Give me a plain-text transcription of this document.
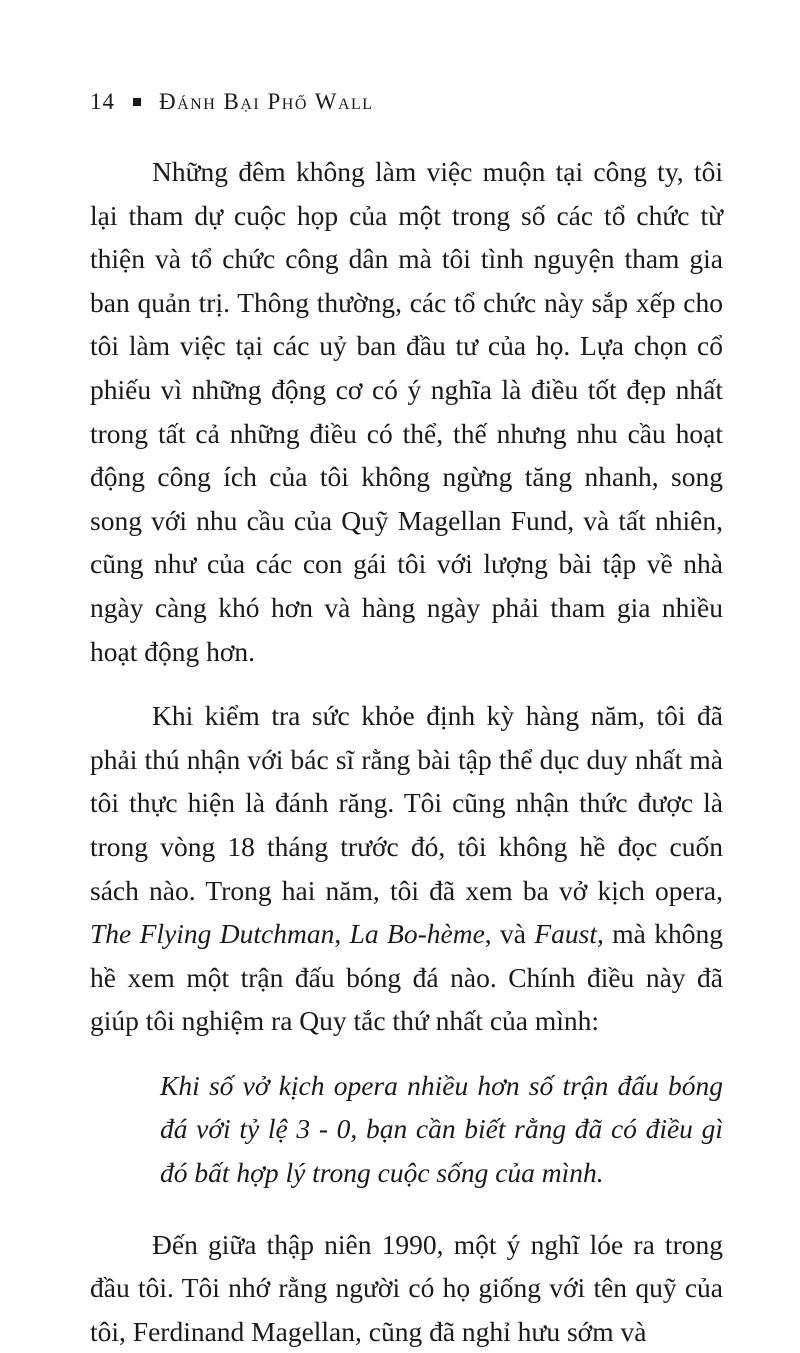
14 Đánh Bại Phố Wall

Những đêm không làm việc muộn tại công ty, tôi lại tham dự cuộc họp của một trong số các tổ chức từ thiện và tổ chức công dân mà tôi tình nguyện tham gia ban quản trị. Thông thường, các tổ chức này sắp xếp cho tôi làm việc tại các uỷ ban đầu tư của họ. Lựa chọn cổ phiếu vì những động cơ có ý nghĩa là điều tốt đẹp nhất trong tất cả những điều có thể, thế nhưng nhu cầu hoạt động công ích của tôi không ngừng tăng nhanh, song song với nhu cầu của Quỹ Magellan Fund, và tất nhiên, cũng như của các con gái tôi với lượng bài tập về nhà ngày càng khó hơn và hàng ngày phải tham gia nhiều hoạt động hơn.

Khi kiểm tra sức khỏe định kỳ hàng năm, tôi đã phải thú nhận với bác sĩ rằng bài tập thể dục duy nhất mà tôi thực hiện là đánh răng. Tôi cũng nhận thức được là trong vòng 18 tháng trước đó, tôi không hề đọc cuốn sách nào. Trong hai năm, tôi đã xem ba vở kịch opera, The Flying Dutchman, La Bo-hème, và Faust, mà không hề xem một trận đấu bóng đá nào. Chính điều này đã giúp tôi nghiệm ra Quy tắc thứ nhất của mình:

Khi số vở kịch opera nhiều hơn số trận đấu bóng đá với tỷ lệ 3 - 0, bạn cần biết rằng đã có điều gì đó bất hợp lý trong cuộc sống của mình.

Đến giữa thập niên 1990, một ý nghĩ lóe ra trong đầu tôi. Tôi nhớ rằng người có họ giống với tên quỹ của tôi, Ferdinand Magellan, cũng đã nghỉ hưu sớm và
